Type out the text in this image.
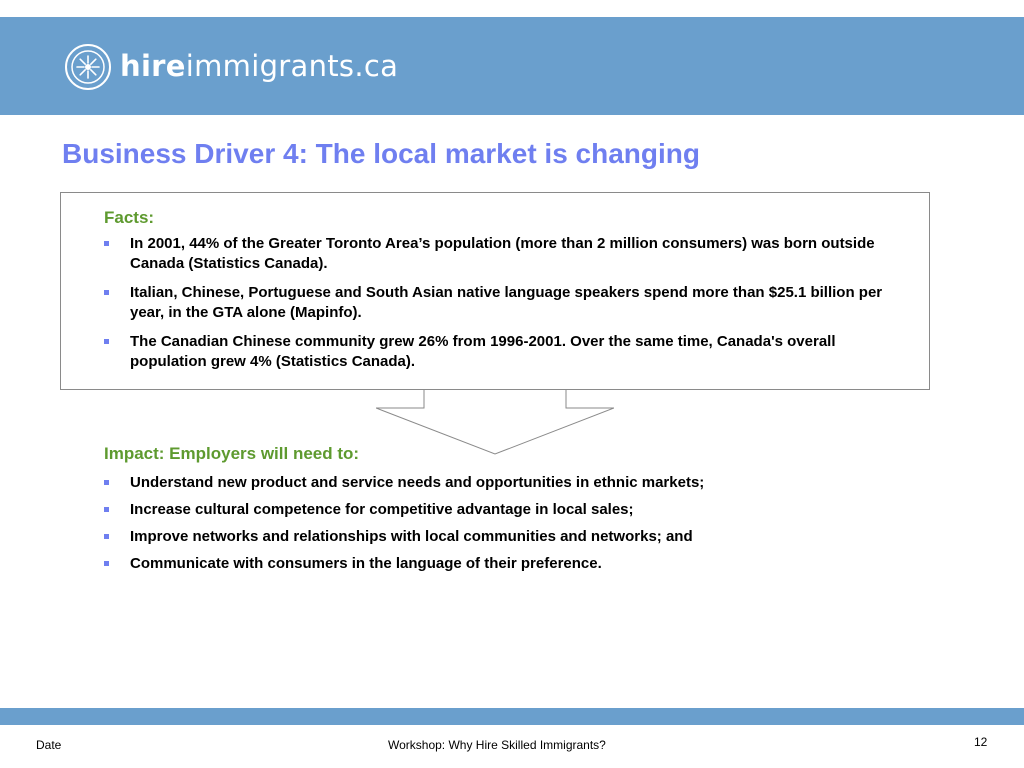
hireimmigrants.ca
Business Driver 4: The local market is changing
Facts:
In 2001, 44% of the Greater Toronto Area’s population (more than 2 million consumers) was born outside Canada (Statistics Canada).
Italian, Chinese, Portuguese and South Asian native language speakers spend more than $25.1 billion per year, in the GTA alone (Mapinfo).
The Canadian Chinese community grew 26% from 1996-2001. Over the same time, Canada's overall population grew 4% (Statistics Canada).
Impact: Employers will need to:
Understand new product and service needs and opportunities in ethnic markets;
Increase cultural competence for competitive advantage in local sales;
Improve networks and relationships with local communities and networks; and
Communicate with consumers in the language of their preference.
Date	Workshop: Why Hire Skilled Immigrants?	12
